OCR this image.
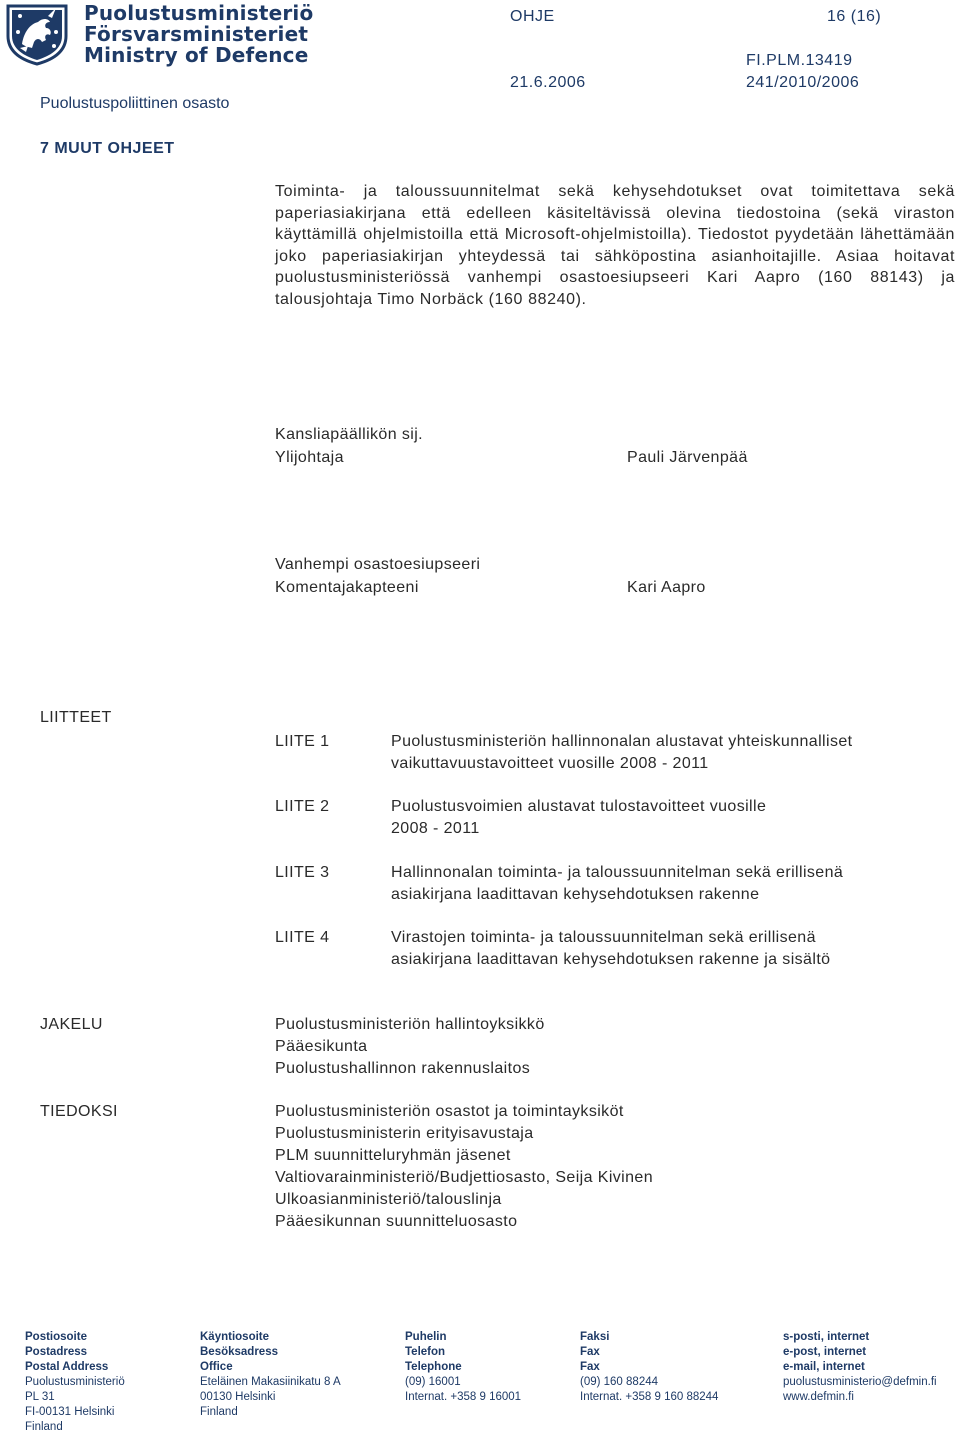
Puolustusministeriö
Försvarsministeriet
Ministry of Defence
Puolustuspoliittinen osasto
OHJE	16 (16)
FI.PLM.13419
21.6.2006	241/2010/2006
7 MUUT OHJEET

Toiminta- ja taloussuunnitelmat sekä kehysehdotukset ovat toimitettava sekä paperiasiakirjana että edelleen käsiteltävissä olevina tiedostoina (sekä viraston käyttämillä ohjelmistoilla että Microsoft-ohjelmistoilla). Tiedostot pyydetään lähettämään joko paperiasiakirjan yhteydessä tai sähköpostina asianhoitajille. Asiaa hoitavat puolustusministeriössä vanhempi osastoesiupseeri Kari Aapro (160 88143) ja talousjohtaja Timo Norbäck (160 88240).

Kansliapäällikön sij.
Ylijohtaja	Pauli Järvenpää
Vanhempi osastoesiupseeri
Komentajakapteeni	Kari Aapro
LIITTEET
LIITE 1	Puolustusministeriön hallinnonalan alustavat yhteiskunnalliset
vaikuttavuustavoitteet vuosille 2008 - 2011
LIITE 2	Puolustusvoimien alustavat tulostavoitteet vuosille
2008 - 2011
LIITE 3	Hallinnonalan toiminta- ja taloussuunnitelman sekä erillisenä
asiakirjana laadittavan kehysehdotuksen rakenne
LIITE 4	Virastojen toiminta- ja taloussuunnitelman sekä erillisenä
asiakirjana laadittavan kehysehdotuksen rakenne ja sisältö
JAKELU	Puolustusministeriön hallintoyksikkö
Pääesikunta
Puolustushallinnon rakennuslaitos
TIEDOKSI	Puolustusministeriön osastot ja toimintayksiköt
Puolustusministerin erityisavustaja
PLM suunnitteluryhmän jäsenet
Valtiovarainministeriö/Budjettiosasto, Seija Kivinen
Ulkoasianministeriö/talouslinja
Pääesikunnan suunnitteluosasto
Postiosoite
Postadress
Postal Address
Puolustusministeriö
PL 31
FI-00131 Helsinki
Finland
Käyntiosoite
Besöksadress
Office
Eteläinen Makasiinikatu 8 A
00130 Helsinki
Finland
Puhelin
Telefon
Telephone
(09) 16001
Internat. +358 9 16001
Faksi
Fax
Fax
(09) 160 88244
Internat. +358 9 160 88244
s-posti, internet
e-post, internet
e-mail, internet
puolustusministerio@defmin.fi
www.defmin.fi
